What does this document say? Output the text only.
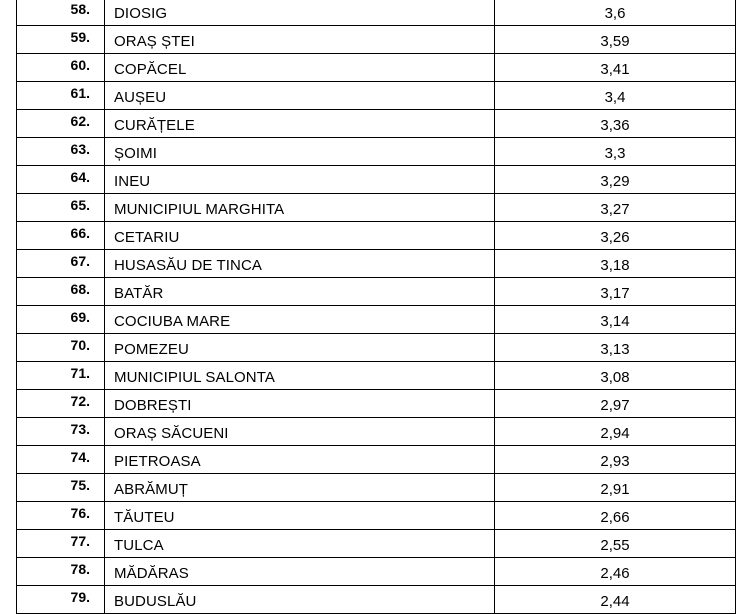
58.	DIOSIG	3,6
59.	ORAȘ ȘTEI	3,59
60.	COPĂCEL	3,41
61.	AUȘEU	3,4
62.	CURĂȚELE	3,36
63.	ȘOIMI	3,3
64.	INEU	3,29
65.	MUNICIPIUL MARGHITA	3,27
66.	CETARIU	3,26
67.	HUSASĂU DE TINCA	3,18
68.	BATĂR	3,17
69.	COCIUBA MARE	3,14
70.	POMEZEU	3,13
71.	MUNICIPIUL SALONTA	3,08
72.	DOBREȘTI	2,97
73.	ORAȘ SĂCUENI	2,94
74.	PIETROASA	2,93
75.	ABRĂMUȚ	2,91
76.	TĂUTEU	2,66
77.	TULCA	2,55
78.	MĂDĂRAS	2,46
79.	BUDUSLĂU	2,44
